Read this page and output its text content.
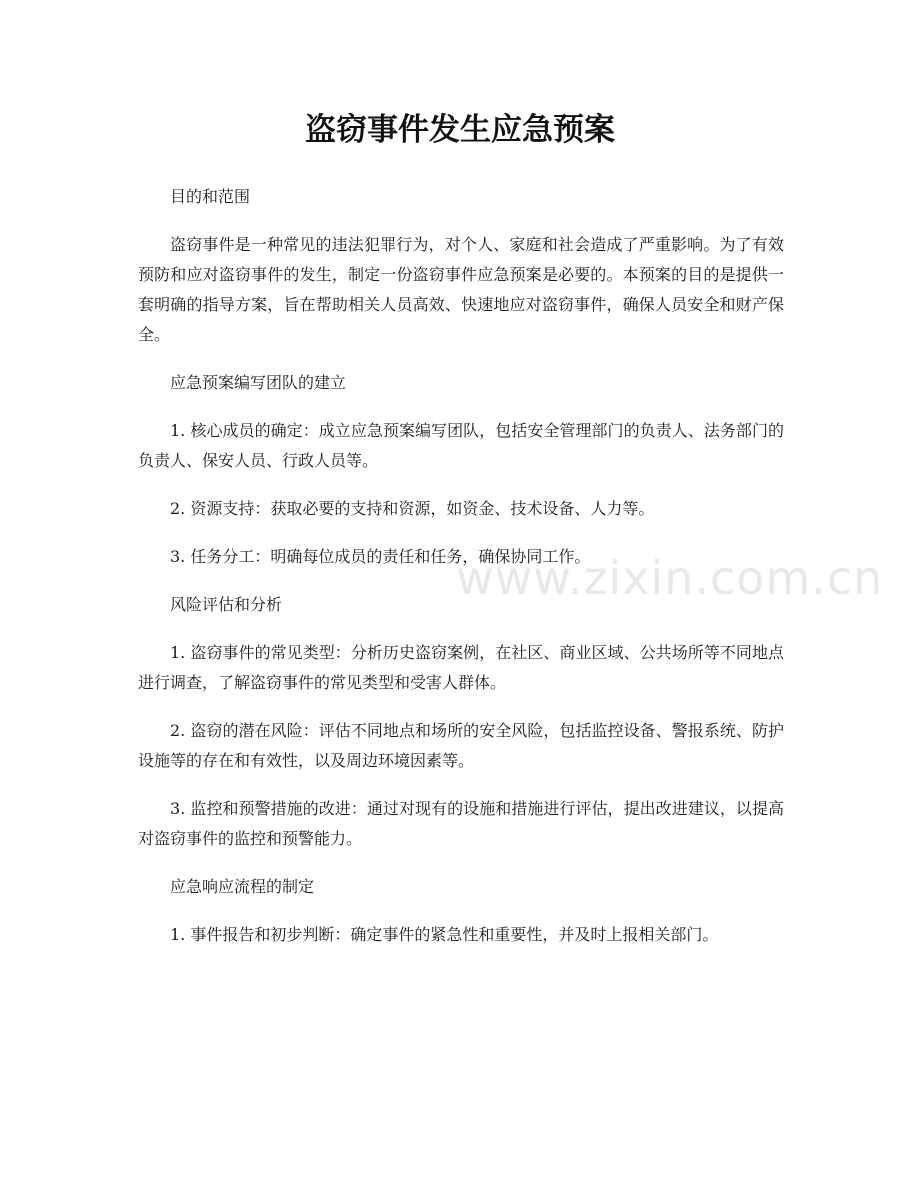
盗窃事件发生应急预案

目的和范围

盗窃事件是一种常见的违法犯罪行为，对个人、家庭和社会造成了严重影响。为了有效预防和应对盗窃事件的发生，制定一份盗窃事件应急预案是必要的。本预案的目的是提供一套明确的指导方案，旨在帮助相关人员高效、快速地应对盗窃事件，确保人员安全和财产保全。

应急预案编写团队的建立

1. 核心成员的确定：成立应急预案编写团队，包括安全管理部门的负责人、法务部门的负责人、保安人员、行政人员等。

2. 资源支持：获取必要的支持和资源，如资金、技术设备、人力等。

3. 任务分工：明确每位成员的责任和任务，确保协同工作。

风险评估和分析

1. 盗窃事件的常见类型：分析历史盗窃案例，在社区、商业区域、公共场所等不同地点进行调查，了解盗窃事件的常见类型和受害人群体。

2. 盗窃的潜在风险：评估不同地点和场所的安全风险，包括监控设备、警报系统、防护设施等的存在和有效性，以及周边环境因素等。

3. 监控和预警措施的改进：通过对现有的设施和措施进行评估，提出改进建议，以提高对盗窃事件的监控和预警能力。

应急响应流程的制定

1. 事件报告和初步判断：确定事件的紧急性和重要性，并及时上报相关部门。

www.zixin.com.cn
